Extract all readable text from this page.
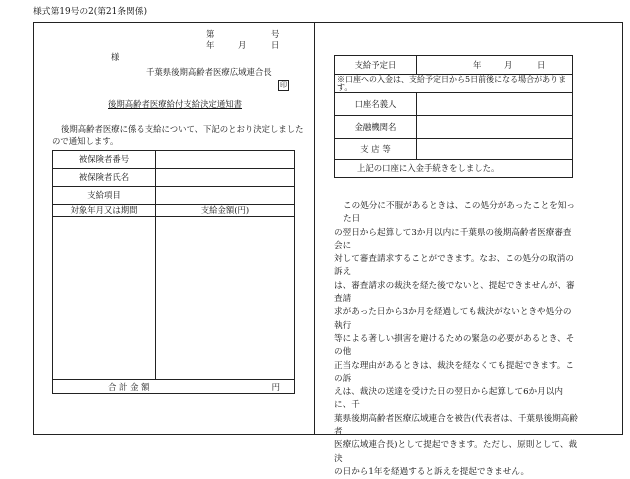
様式第19号の2(第21条関係)
第	号
年	月	日
様
千葉県後期高齢者医療広域連合長
印
後期高齢者医療給付支給決定通知書
後期高齢者医療に係る支給について、下記のとおり決定しました
ので通知します。
被保険者番号	
被保険者氏名	
支給項目	
対象年月又は期間	支給金額(円)

合 計 金 額 円	
支給予定日	年 月 日

※口座への入金は、支給予定日から5日前後になる場合があります。	
口座名義人	
金融機関名	
支 店 等	
上記の口座に入金手続きをしました。	
この処分に不服があるときは、この処分があったことを知った日
の翌日から起算して3か月以内に千葉県の後期高齢者医療審査会に
対して審査請求することができます。なお、この処分の取消の訴え
は、審査請求の裁決を経た後でないと、提起できませんが、審査請
求があった日から3か月を経過しても裁決がないときや処分の執行
等による著しい損害を避けるための緊急の必要があるとき、その他
正当な理由があるときは、裁決を経なくても提起できます。この訴
えは、裁決の送達を受けた日の翌日から起算して6か月以内に、千
葉県後期高齢者医療広域連合を被告(代表者は、千葉県後期高齢者
医療広域連合長)として提起できます。ただし、原則として、裁決
の日から1年を経過すると訴えを提起できません。
